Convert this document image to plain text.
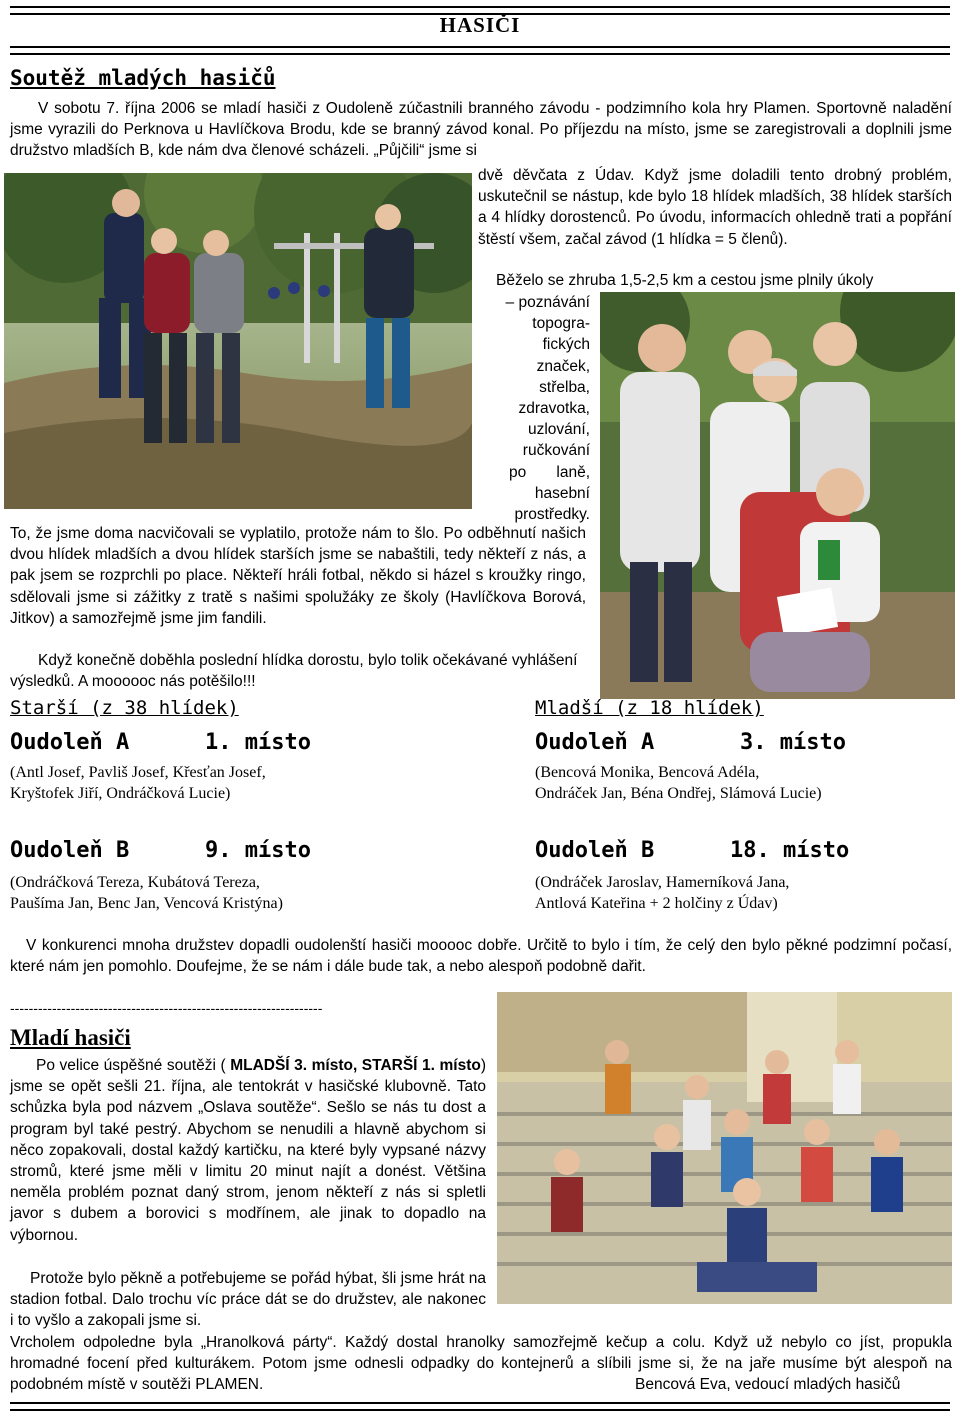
HASIČI
Soutěž mladých hasičů

V sobotu 7. října 2006 se mladí hasiči z Oudoleně zúčastnili branného závodu - podzimního kola hry Plamen. Sportovně naladění jsme vyrazili do Perknova u Havlíčkova Brodu, kde se branný závod konal. Po příjezdu na místo, jsme se zaregistrovali a doplnili jsme družstvo mladších B, kde nám dva členové scházeli. „Půjčili“ jsme si

dvě děvčata z Údav. Když jsme doladili tento drobný problém, uskutečnil se nástup, kde bylo 18 hlídek mladších, 38 hlídek starších a 4 hlídky dorostenců. Po úvodu, informacích ohledně trati a popřání štěstí všem, začal závod (1 hlídka = 5 členů).

Běželo se zhruba 1,5-2,5 km a cestou jsme plnily úkoly

– poznávání
topogra-
fických
značek,
střelba,
zdravotka,
uzlování,
ručkování
po       laně,
hasební
prostředky.

To, že jsme doma nacvičovali se vyplatilo, protože nám to šlo. Po odběhnutí našich dvou hlídek mladších a dvou hlídek starších jsme se nabaštili, tedy někteří z nás, a pak jsem se rozprchli po place. Někteří hráli fotbal, někdo si házel s kroužky ringo, sdělovali jsme si zážitky z tratě s našimi spolužáky ze školy (Havlíčkova Borová, Jitkov) a samozřejmě jsme jim fandili.

Když konečně doběhla poslední hlídka dorostu, bylo tolik očekávané vyhlášení výsledků. A moooooc nás potěšilo!!!

Starší (z 38 hlídek)
Oudoleň A	1. místo
(Antl Josef, Pavliš Josef, Křesťan Josef,
Kryštofek Jiří, Ondráčková Lucie)
Oudoleň B	9. místo
(Ondráčková Tereza, Kubátová Tereza,
Paušíma Jan, Benc Jan, Vencová Kristýna)
Mladší (z 18 hlídek)
Oudoleň A	3. místo
(Bencová Monika, Bencová Adéla,
Ondráček Jan, Béna Ondřej, Slámová Lucie)
Oudoleň B	18. místo
(Ondráček Jaroslav, Hamerníková Jana,
Antlová Kateřina + 2 holčiny z Údav)

V konkurenci mnoha družstev dopadli oudolenští hasiči mooooc dobře. Určitě to bylo i tím, že celý den bylo pěkné podzimní počasí, které nám jen pomohlo. Doufejme, že se nám i dále bude tak, a nebo alespoň podobně dařit.

-------------------------------------------------------------------
Mladí hasiči

Po velice úspěšné soutěži ( MLADŠÍ 3. místo, STARŠÍ 1. místo) jsme se opět sešli 21. října, ale tentokrát v hasičské klubovně. Tato schůzka byla pod názvem „Oslava soutěže“. Sešlo se nás tu dost a program byl také pestrý. Abychom se nenudili a hlavně abychom si něco zopakovali, dostal každý kartičku, na které byly vypsané názvy stromů, které jsme měli v limitu 20 minut najít a donést. Většina neměla problém poznat daný strom, jenom někteří z nás si spletli javor s dubem a borovici s modřínem, ale jinak to dopadlo na výbornou.

Protože bylo pěkně a potřebujeme se pořád hýbat, šli jsme hrát na stadion fotbal. Dalo trochu víc práce dát se do družstev, ale nakonec i to vyšlo a zakopali jsme si.

Vrcholem odpoledne byla „Hranolková párty“. Každý dostal hranolky samozřejmě kečup a colu. Když už nebylo co jíst, propukla hromadné focení před kulturákem. Potom jsme odnesli odpadky do kontejnerů a slíbili jsme si, že na jaře musíme být alespoň na podobném místě v soutěži PLAMEN.	Bencová Eva, vedoucí mladých hasičů
